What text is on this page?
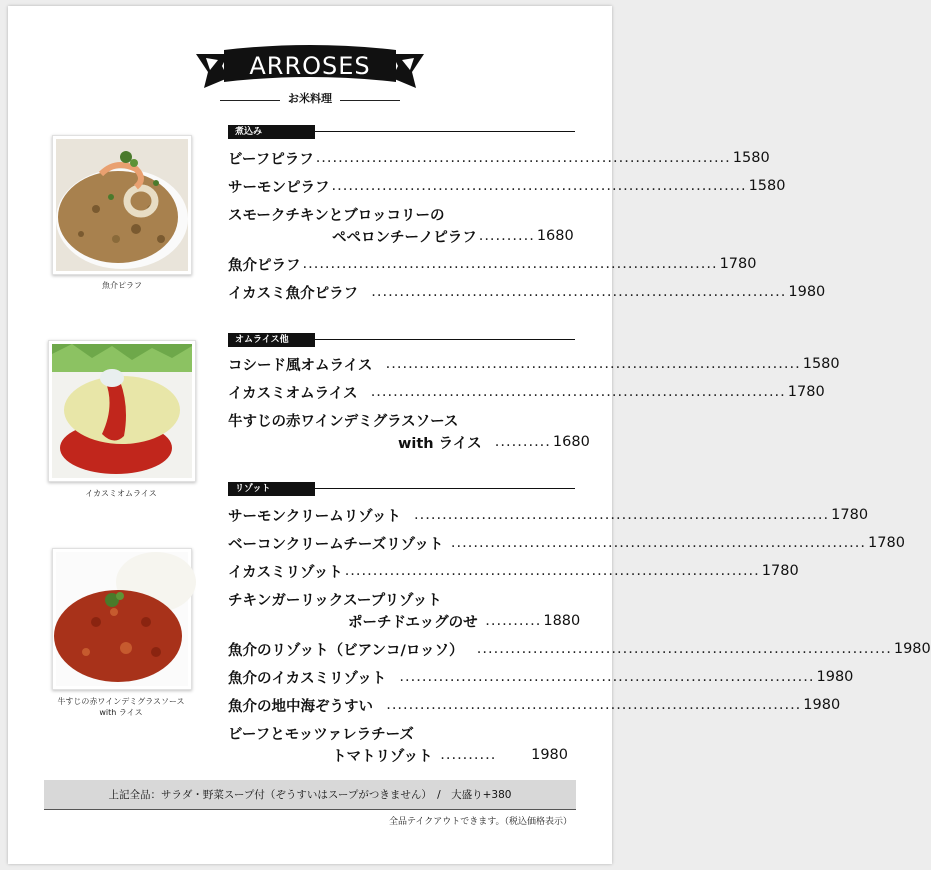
ARROSES
お米料理
魚介ピラフ
イカスミオムライス
牛すじの赤ワインデミグラスソース
with ライス
煮込み
ビーフピラフ .......................................................................... 1580
サーモンピラフ .......................................................................... 1580
スモークチキンとブロッコリーの
ペペロンチーノピラフ .......... 1680
魚介ピラフ .......................................................................... 1780
イカスミ魚介ピラフ .......................................................................... 1980
オムライス他
コシード風オムライス .......................................................................... 1580
イカスミオムライス .......................................................................... 1780
牛すじの赤ワインデミグラスソース
with ライス .......... 1680
リゾット
サーモンクリームリゾット .......................................................................... 1780
ベーコンクリームチーズリゾット .......................................................................... 1780
イカスミリゾット .......................................................................... 1780
チキンガーリックスープリゾット
ポーチドエッグのせ .......... 1880
魚介のリゾット（ビアンコ/ロッソ） .......................................................................... 1980
魚介のイカスミリゾット .......................................................................... 1980
魚介の地中海ぞうすい .......................................................................... 1980
ビーフとモッツァレラチーズ
トマトリゾット ..........	1980
上記全品：サラダ・野菜スープ付（ぞうすいはスープがつきません）　/　大盛り+380
全品テイクアウトできます。（税込価格表示）
